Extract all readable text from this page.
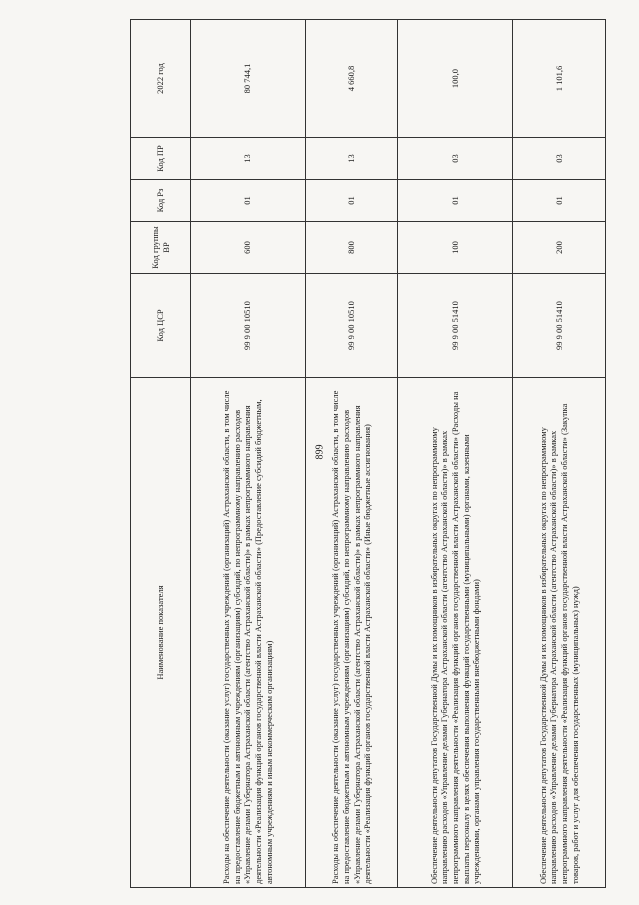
899
Наименование показателя	Код ЦСР	Код группы ВР	Код Рз	Код ПР	2022 год
Расходы на обеспечение деятельности (оказание услуг) государственных учреждений (организаций) Астраханской области, в том числе на предоставление бюджетным и автономным учреждениям (организациям) субсидий, по непрограммному направлению расходов «Управление делами Губернатора Астраханской области (агентство Астраханской области)» в рамках непрограммного направления деятельности «Реализация функций органов государственной власти Астраханской области» (Предоставление субсидий бюджетным, автономным учреждениям и иным некоммерческим организациям)	99 9 00 10510	600	01	13	80 744,1
Расходы на обеспечение деятельности (оказание услуг) государственных учреждений (организаций) Астраханской области, в том числе на предоставление бюджетным и автономным учреждениям (организациям) субсидий, по непрограммному направлению расходов «Управление делами Губернатора Астраханской области (агентство Астраханской области)» в рамках непрограммного направления деятельности «Реализация функций органов государственной власти Астраханской области» (Иные бюджетные ассигнования)	99 9 00 10510	800	01	13	4 660,8
Обеспечение деятельности депутатов Государственной Думы и их помощников в избирательных округах по непрограммному направлению расходов «Управление делами Губернатора Астраханской области (агентство Астраханской области)» в рамках непрограммного направления деятельности «Реализация функций органов государственной власти Астраханской области» (Расходы на выплаты персоналу в целях обеспечения выполнения функций государственными (муниципальными) органами, казенными учреждениями, органами управления государственными внебюджетными фондами)	99 9 00 51410	100	01	03	100,0
Обеспечение деятельности депутатов Государственной Думы и их помощников в избирательных округах по непрограммному направлению расходов «Управление делами Губернатора Астраханской области (агентство Астраханской области)» в рамках непрограммного направления деятельности «Реализация функций органов государственной власти Астраханской области» (Закупка товаров, работ и услуг для обеспечения государственных (муниципальных) нужд)	99 9 00 51410	200	01	03	1 101,6
